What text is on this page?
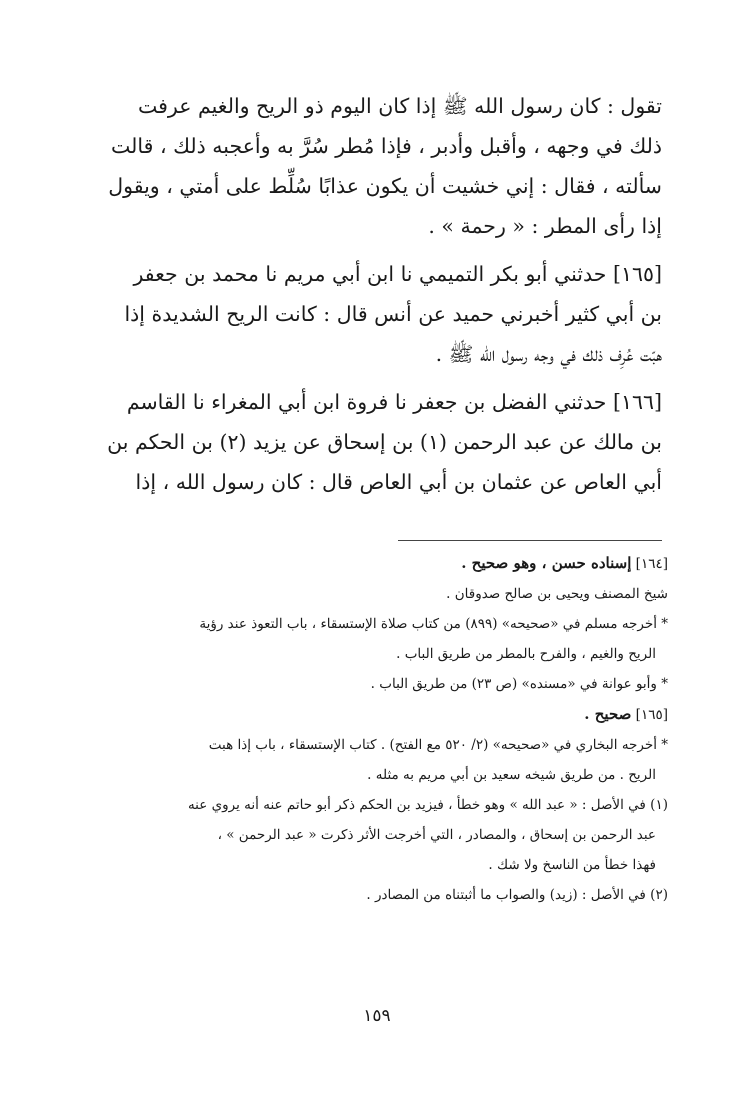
تقول : كان رسول الله ﷺ إذا كان اليوم ذو الريح والغيم عرفت
ذلك في وجهه ، وأقبل وأدبر ، فإذا مُطر سُرَّ به وأعجبه ذلك ، قالت
سألته ، فقال : إني خشيت أن يكون عذابًا سُلِّط على أمتي ، ويقول
إذا رأى المطر : « رحمة » .

[١٦٥] حدثني أبو بكر التميمي نا ابن أبي مريم نا محمد بن جعفر
بن أبي كثير أخبرني حميد عن أنس قال : كانت الريح الشديدة إذا
هبّت عُرِف ذلك في وجه رسول الله ﷺ .

[١٦٦] حدثني الفضل بن جعفر نا فروة ابن أبي المغراء نا القاسم
بن مالك عن عبد الرحمن (١) بن إسحاق عن يزيد (٢) بن الحكم بن
أبي العاص عن عثمان بن أبي العاص قال : كان رسول الله ، إذا

[١٦٤] إسناده حسن ، وهو صحيح .
شيخ المصنف ويحيى بن صالح صدوقان .
* أخرجه مسلم في «صحيحه» (٨٩٩) من كتاب صلاة الإستسقاء ، باب التعوذ عند رؤية
الريح والغيم ، والفرح بالمطر من طريق الباب .
* وأبو عوانة في «مسنده» (ص ٢٣) من طريق الباب .
[١٦٥] صحيح .
* أخرجه البخاري في «صحيحه» (٢/ ٥٢٠ مع الفتح) . كتاب الإستسقاء ، باب إذا هبت
الريح . من طريق شيخه سعيد بن أبي مريم به مثله .
(١) في الأصل : « عبد الله » وهو خطأ ، فيزيد بن الحكم ذكر أبو حاتم عنه أنه يروي عنه
عبد الرحمن بن إسحاق ، والمصادر ، التي أخرجت الأثر ذكرت « عبد الرحمن » ،
فهذا خطأ من الناسخ ولا شك .
(٢) في الأصل : (زيد) والصواب ما أثبتناه من المصادر .
١٥٩
